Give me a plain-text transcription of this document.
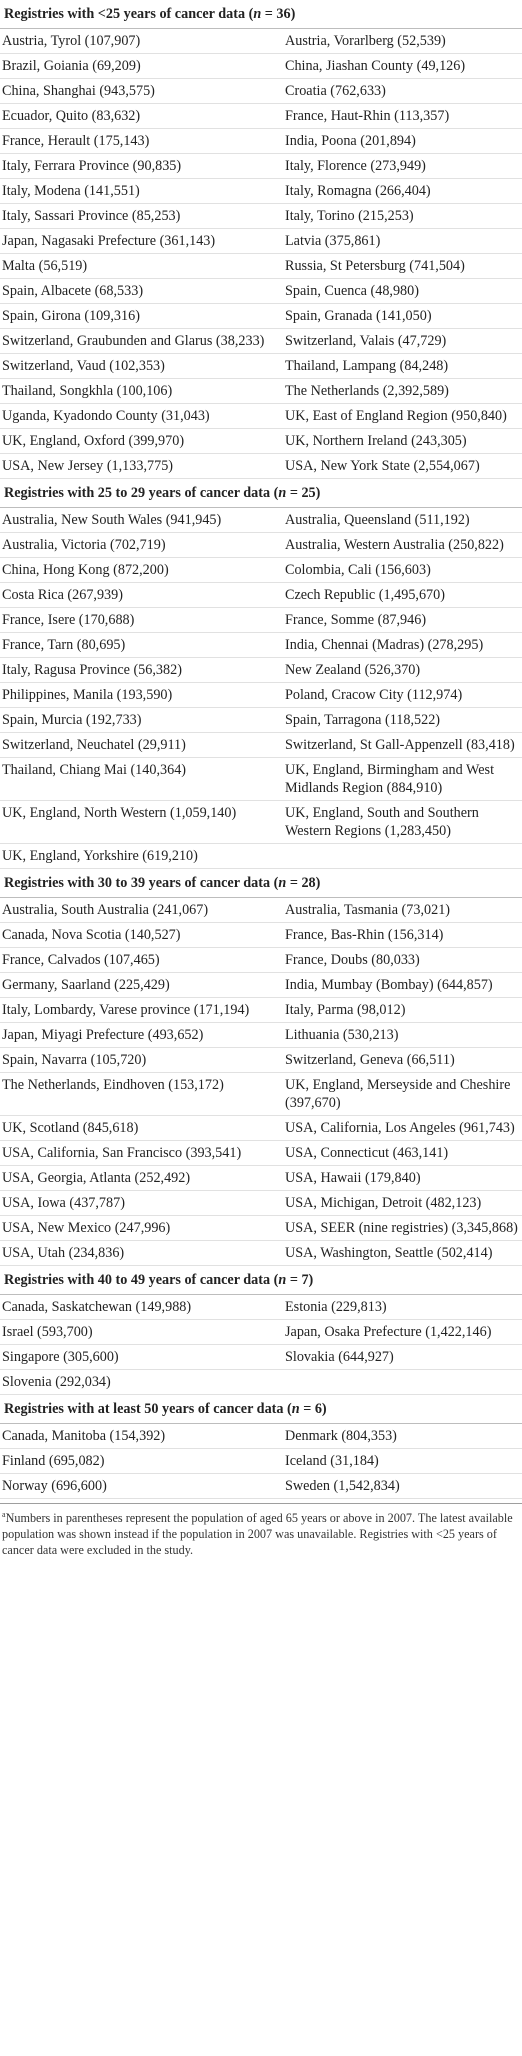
Registries with <25 years of cancer data (n = 36)	
Austria, Tyrol (107,907)	Austria, Vorarlberg (52,539)
Brazil, Goiania (69,209)	China, Jiashan County (49,126)
China, Shanghai (943,575)	Croatia (762,633)
Ecuador, Quito (83,632)	France, Haut-Rhin (113,357)
France, Herault (175,143)	India, Poona (201,894)
Italy, Ferrara Province (90,835)	Italy, Florence (273,949)
Italy, Modena (141,551)	Italy, Romagna (266,404)
Italy, Sassari Province (85,253)	Italy, Torino (215,253)
Japan, Nagasaki Prefecture (361,143)	Latvia (375,861)
Malta (56,519)	Russia, St Petersburg (741,504)
Spain, Albacete (68,533)	Spain, Cuenca (48,980)
Spain, Girona (109,316)	Spain, Granada (141,050)
Switzerland, Graubunden and Glarus (38,233)	Switzerland, Valais (47,729)
Switzerland, Vaud (102,353)	Thailand, Lampang (84,248)
Thailand, Songkhla (100,106)	The Netherlands (2,392,589)
Uganda, Kyadondo County (31,043)	UK, East of England Region (950,840)
UK, England, Oxford (399,970)	UK, Northern Ireland (243,305)
USA, New Jersey (1,133,775)	USA, New York State (2,554,067)
Registries with 25 to 29 years of cancer data (n = 25)	
Australia, New South Wales (941,945)	Australia, Queensland (511,192)
Australia, Victoria (702,719)	Australia, Western Australia (250,822)
China, Hong Kong (872,200)	Colombia, Cali (156,603)
Costa Rica (267,939)	Czech Republic (1,495,670)
France, Isere (170,688)	France, Somme (87,946)
France, Tarn (80,695)	India, Chennai (Madras) (278,295)
Italy, Ragusa Province (56,382)	New Zealand (526,370)
Philippines, Manila (193,590)	Poland, Cracow City (112,974)
Spain, Murcia (192,733)	Spain, Tarragona (118,522)
Switzerland, Neuchatel (29,911)	Switzerland, St Gall-Appenzell (83,418)
Thailand, Chiang Mai (140,364)	UK, England, Birmingham and West Midlands Region (884,910)
UK, England, North Western (1,059,140)	UK, England, South and Southern Western Regions (1,283,450)
UK, England, Yorkshire (619,210)	
Registries with 30 to 39 years of cancer data (n = 28)	
Australia, South Australia (241,067)	Australia, Tasmania (73,021)
Canada, Nova Scotia (140,527)	France, Bas-Rhin (156,314)
France, Calvados (107,465)	France, Doubs (80,033)
Germany, Saarland (225,429)	India, Mumbay (Bombay) (644,857)
Italy, Lombardy, Varese province (171,194)	Italy, Parma (98,012)
Japan, Miyagi Prefecture (493,652)	Lithuania (530,213)
Spain, Navarra (105,720)	Switzerland, Geneva (66,511)
The Netherlands, Eindhoven (153,172)	UK, England, Merseyside and Cheshire (397,670)
UK, Scotland (845,618)	USA, California, Los Angeles (961,743)
USA, California, San Francisco (393,541)	USA, Connecticut (463,141)
USA, Georgia, Atlanta (252,492)	USA, Hawaii (179,840)
USA, Iowa (437,787)	USA, Michigan, Detroit (482,123)
USA, New Mexico (247,996)	USA, SEER (nine registries) (3,345,868)
USA, Utah (234,836)	USA, Washington, Seattle (502,414)
Registries with 40 to 49 years of cancer data (n = 7)	
Canada, Saskatchewan (149,988)	Estonia (229,813)
Israel (593,700)	Japan, Osaka Prefecture (1,422,146)
Singapore (305,600)	Slovakia (644,927)
Slovenia (292,034)	
Registries with at least 50 years of cancer data (n = 6)	
Canada, Manitoba (154,392)	Denmark (804,353)
Finland (695,082)	Iceland (31,184)
Norway (696,600)	Sweden (1,542,834)
$^a$Numbers in parentheses represent the population of aged 65 years or above in 2007. The latest available population was shown instead if the population in 2007 was unavailable. Registries with <25 years of cancer data were excluded in the study.
